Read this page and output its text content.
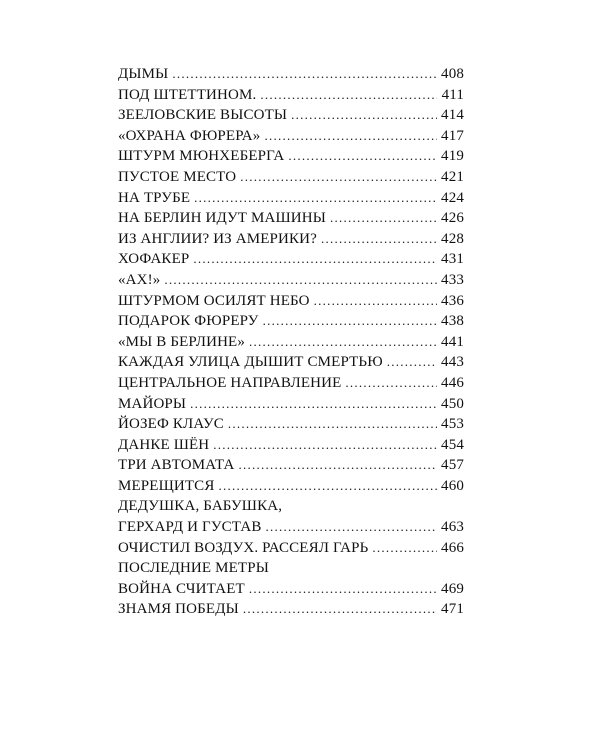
ДЫМЫ . . .	408
ПОД ШТЕТТИНОМ. . . .	411
ЗЕЕЛОВСКИЕ ВЫСОТЫ . . .	414
«ОХРАНА ФЮРЕРА» . . .	417
ШТУРМ МЮНХЕБЕРГА . . .	419
ПУСТОЕ МЕСТО . . .	421
НА ТРУБЕ . . .	424
НА БЕРЛИН ИДУТ МАШИНЫ . . .	426
ИЗ АНГЛИИ? ИЗ АМЕРИКИ? . . .	428
ХОФАКЕР . . .	431
«АХ!» . . .	433
ШТУРМОМ ОСИЛЯТ НЕБО . . .	436
ПОДАРОК ФЮРЕРУ . . .	438
«МЫ В БЕРЛИНЕ» . . .	441
КАЖДАЯ УЛИЦА ДЫШИТ СМЕРТЬЮ . . .	443
ЦЕНТРАЛЬНОЕ НАПРАВЛЕНИЕ . . .	446
МАЙОРЫ . . .	450
ЙОЗЕФ КЛАУС . . .	453
ДАНКЕ ШЁН . . .	454
ТРИ АВТОМАТА . . .	457
МЕРЕЩИТСЯ . . .	460
ДЕДУШКА, БАБУШКА,
ГЕРХАРД И ГУСТАВ . . .	463
ОЧИСТИЛ ВОЗДУХ. РАССЕЯЛ ГАРЬ . . .	466
ПОСЛЕДНИЕ МЕТРЫ
ВОЙНА СЧИТАЕТ . . .	469
ЗНАМЯ ПОБЕДЫ . . .	471
